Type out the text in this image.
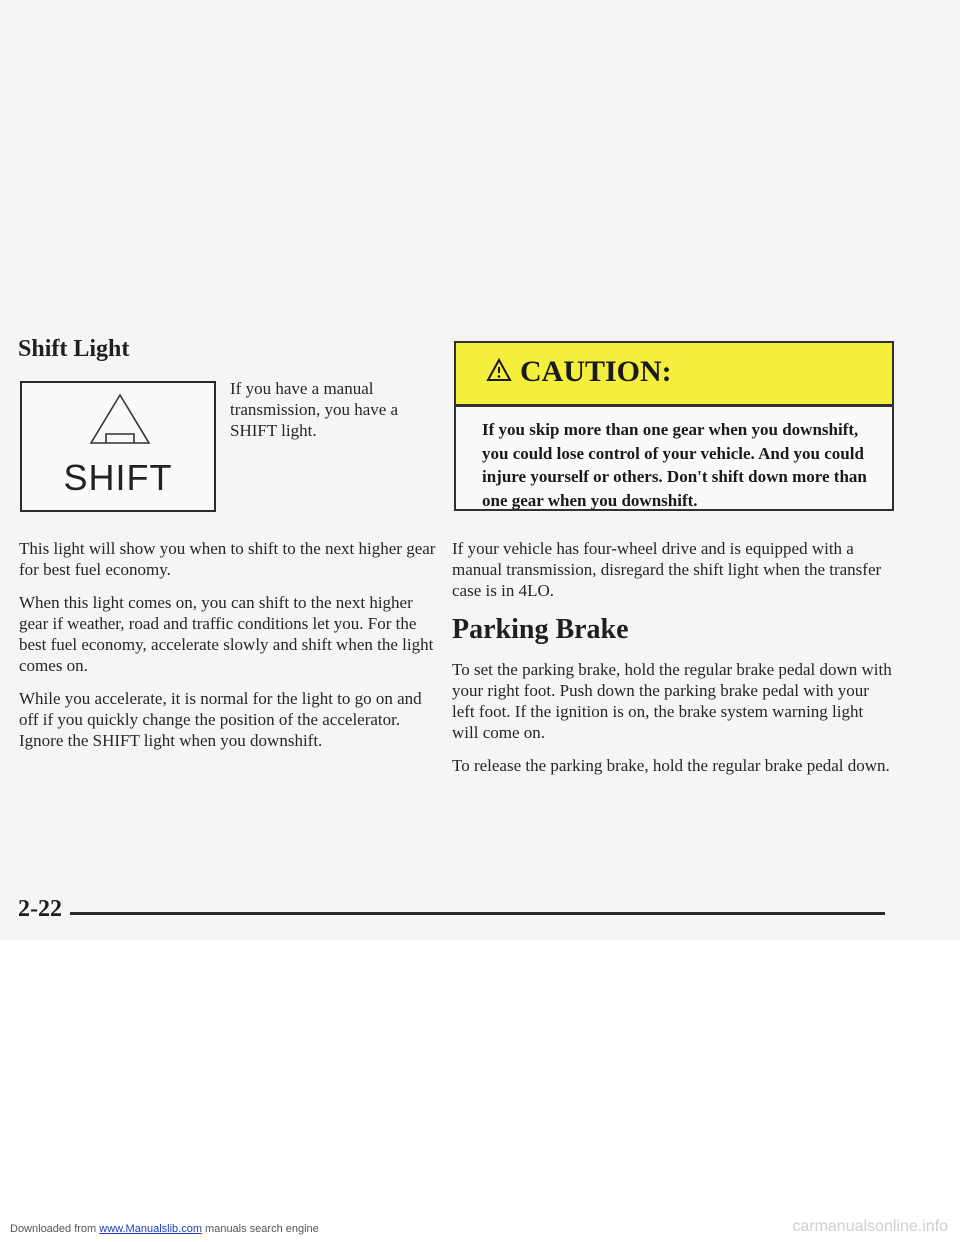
Shift Light
SHIFT

If you have a manual transmission, you have a SHIFT light.

This light will show you when to shift to the next higher gear for best fuel economy.

When this light comes on, you can shift to the next higher gear if weather, road and traffic conditions let you. For the best fuel economy, accelerate slowly and shift when the light comes on.

While you accelerate, it is normal for the light to go on and off if you quickly change the position of the accelerator. Ignore the SHIFT light when you downshift.

CAUTION:

If you skip more than one gear when you downshift, you could lose control of your vehicle. And you could injure yourself or others. Don't shift down more than one gear when you downshift.

If your vehicle has four-wheel drive and is equipped with a manual transmission, disregard the shift light when the transfer case is in 4LO.

Parking Brake

To set the parking brake, hold the regular brake pedal down with your right foot. Push down the parking brake pedal with your left foot. If the ignition is on, the brake system warning light will come on.

To release the parking brake, hold the regular brake pedal down.

2-22
Downloaded from www.Manualslib.com manuals search engine	carmanualsonline.info
